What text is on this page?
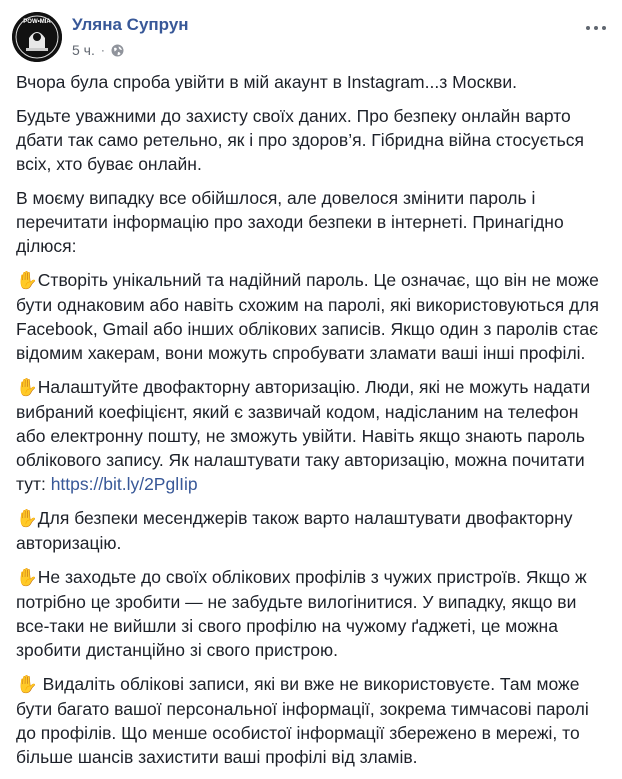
POW•MIA Уляна Супрун
5 ч. ·

Вчора була спроба увійти в мій акаунт в Instagram...з Москви.

Будьте уважними до захисту своїх даних. Про безпеку онлайн варто дбати так само ретельно, як і про здоров’я. Гібридна війна стосується всіх, хто буває онлайн.

В моєму випадку все обійшлося, але довелося змінити пароль і перечитати інформацію про заходи безпеки в інтернеті. Принагідно ділюся:

✋Створіть унікальний та надійний пароль. Це означає, що він не може бути однаковим або навіть схожим на паролі, які використовуються для Facebook, Gmail або інших облікових записів. Якщо один з паролів стає відомим хакерам, вони можуть спробувати зламати ваші інші профілі.

✋Налаштуйте двофакторну авторизацію. Люди, які не можуть надати вибраний коефіцієнт, який є зазвичай кодом, надісланим на телефон або електронну пошту, не зможуть увійти. Навіть якщо знають пароль облікового запису. Як налаштувати таку авторизацію, можна почитати тут: https://bit.ly/2PglIip

✋Для безпеки месенджерів також варто налаштувати двофакторну авторизацію.

✋Не заходьте до своїх облікових профілів з чужих пристроїв. Якщо ж потрібно це зробити — не забудьте вилогінитися. У випадку, якщо ви все-таки не вийшли зі свого профілю на чужому ґаджеті, це можна зробити дистанційно зі свого пристрою.

✋ Видаліть облікові записи, які ви вже не використовуєте. Там може бути багато вашої персональної інформації, зокрема тимчасові паролі до профілів. Що менше особистої інформації збережено в мережі, то більше шансів захистити ваші профілі від зламів.
